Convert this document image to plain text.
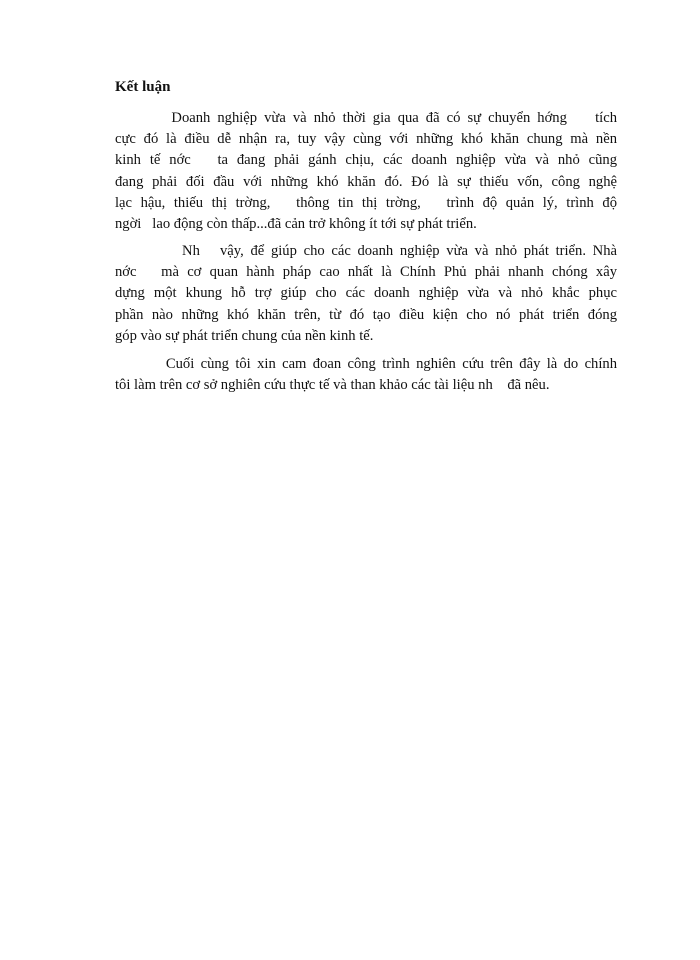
Kết luận

Doanh nghiệp vừa và nhỏ thời gia qua đã có sự chuyển hớng    tích
cực đó là điều dễ nhận ra, tuy vậy cùng với những khó khăn chung mà nền
kinh tế nớc   ta đang phải gánh chịu, các doanh nghiệp vừa và nhỏ cũng
đang phải đối đầu với những khó khăn đó. Đó là sự thiếu vốn, công nghệ
lạc hậu, thiếu thị trờng,   thông tin thị trờng,   trình độ quản lý, trình độ
ngời   lao động còn thấp...đã cản trở không ít tới sự phát triển.

Nh   vậy, để giúp cho các doanh nghiệp vừa và nhỏ phát triển. Nhà
nớc   mà cơ quan hành pháp cao nhất là Chính Phủ phải nhanh chóng xây
dựng một khung hỗ trợ giúp cho các doanh nghiệp vừa và nhỏ khắc phục
phần nào những khó khăn trên, từ đó tạo điều kiện cho nó phát triển đóng
góp vào sự phát triển chung của nền kinh tế.

Cuối cùng tôi xin cam đoan công trình nghiên cứu trên đây là do chính
tôi làm trên cơ sở nghiên cứu thực tế và than khảo các tài liệu nh    đã nêu.
